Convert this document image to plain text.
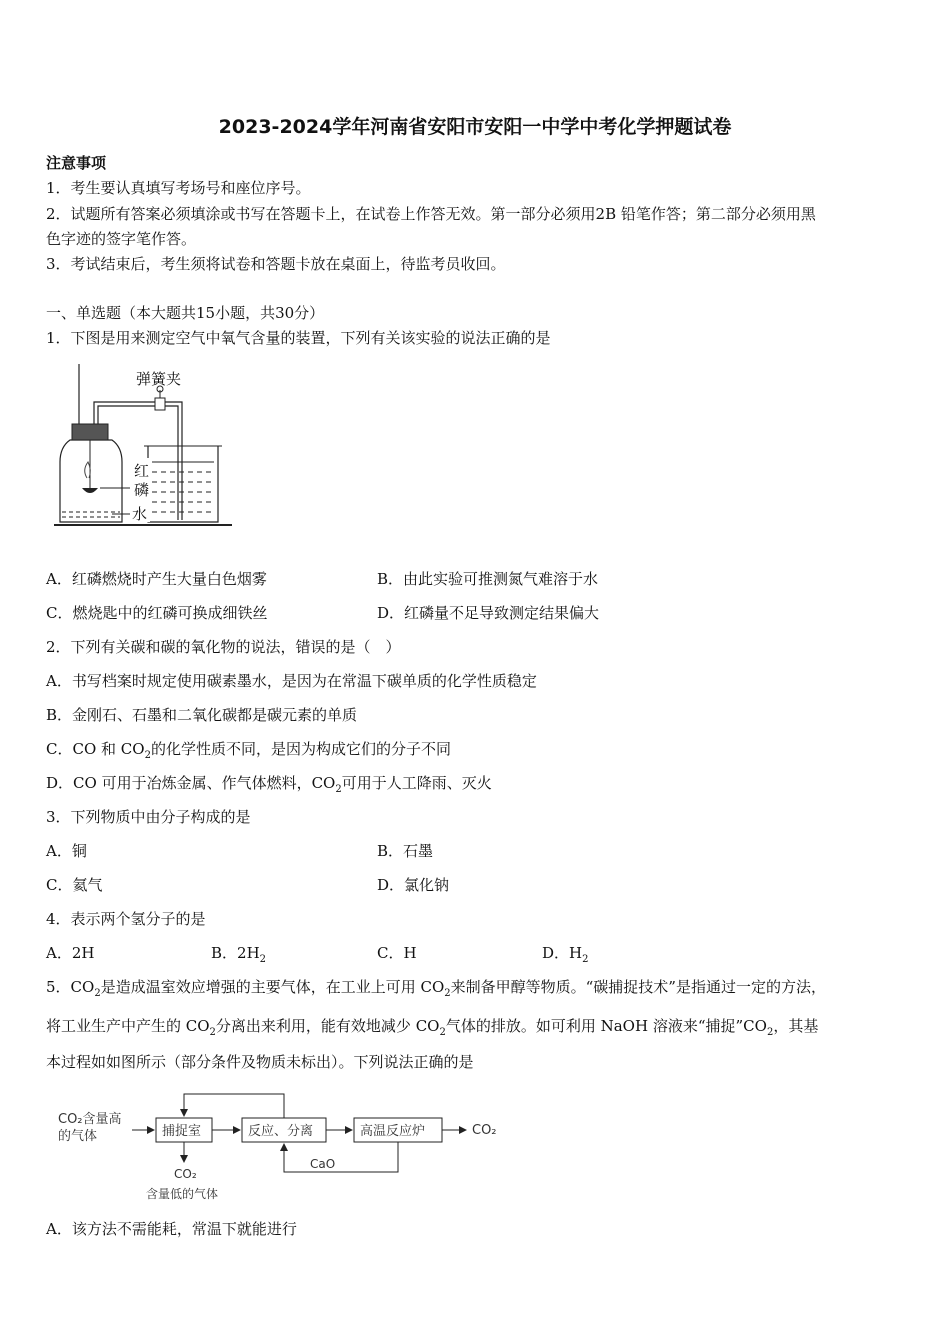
2023-2024学年河南省安阳市安阳一中学中考化学押题试卷
注意事项
1．考生要认真填写考场号和座位序号。
2．试题所有答案必须填涂或书写在答题卡上，在试卷上作答无效。第一部分必须用2B 铅笔作答；第二部分必须用黑
色字迹的签字笔作答。
3．考试结束后，考生须将试卷和答题卡放在桌面上，待监考员收回。
一、单选题（本大题共15小题，共30分）
1．下图是用来测定空气中氧气含量的装置，下列有关该实验的说法正确的是
弹簧夹
红
磷
水
A．红磷燃烧时产生大量白色烟雾	B．由此实验可推测氮气难溶于水
C．燃烧匙中的红磷可换成细铁丝	D．红磷量不足导致测定结果偏大
2．下列有关碳和碳的氧化物的说法，错误的是（　）
A．书写档案时规定使用碳素墨水，是因为在常温下碳单质的化学性质稳定
B．金刚石、石墨和二氧化碳都是碳元素的单质
C．CO 和 $CO_2$的化学性质不同，是因为构成它们的分子不同
D．CO 可用于冶炼金属、作气体燃料，$CO_2$可用于人工降雨、灭火
3．下列物质中由分子构成的是
A．铜	B．石墨
C．氦气	D．氯化钠
4．表示两个氢分子的是
A．2H	B．$2H_2$	C．H	D．$H_2$
5．$CO_2$是造成温室效应增强的主要气体，在工业上可用 $CO_2$来制备甲醇等物质。“碳捕捉技术”是指通过一定的方法，
将工业生产中产生的 $CO_2$分离出来利用，能有效地减少 $CO_2$气体的排放。如可利用 NaOH 溶液来“捕捉$”CO_2$，其基
本过程如如图所示（部分条件及物质未标出）。下列说法正确的是
CO₂含量高
的气体	捕捉室	反应、分离	高温反应炉	CO₂
CaO
CO₂
含量低的气体
A．该方法不需能耗，常温下就能进行
